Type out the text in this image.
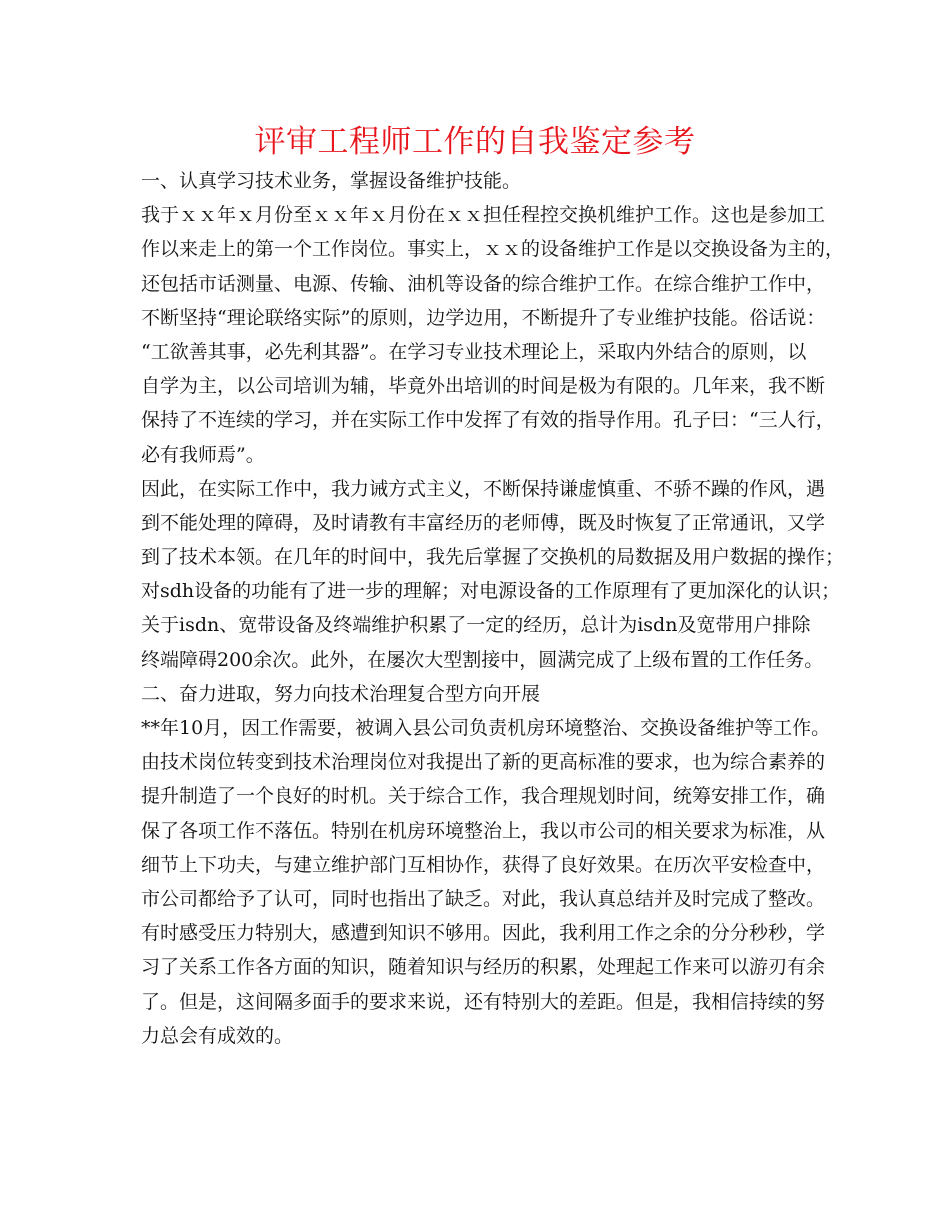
评审工程师工作的自我鉴定参考
一、认真学习技术业务，掌握设备维护技能。
我于ｘｘ年ｘ月份至ｘｘ年ｘ月份在ｘｘ担任程控交换机维护工作。这也是参加工
作以来走上的第一个工作岗位。事实上，ｘｘ的设备维护工作是以交换设备为主的，
还包括市话测量、电源、传输、油机等设备的综合维护工作。在综合维护工作中，
不断坚持“理论联络实际”的原则，边学边用，不断提升了专业维护技能。俗话说：
“工欲善其事，必先利其器”。在学习专业技术理论上，采取内外结合的原则，以
自学为主，以公司培训为辅，毕竟外出培训的时间是极为有限的。几年来，我不断
保持了不连续的学习，并在实际工作中发挥了有效的指导作用。孔子曰：“三人行，
必有我师焉”。
因此，在实际工作中，我力诫方式主义，不断保持谦虚慎重、不骄不躁的作风，遇
到不能处理的障碍，及时请教有丰富经历的老师傅，既及时恢复了正常通讯，又学
到了技术本领。在几年的时间中，我先后掌握了交换机的局数据及用户数据的操作；
对sdh设备的功能有了进一步的理解；对电源设备的工作原理有了更加深化的认识；
关于isdn、宽带设备及终端维护积累了一定的经历，总计为isdn及宽带用户排除
终端障碍200余次。此外，在屡次大型割接中，圆满完成了上级布置的工作任务。
二、奋力进取，努力向技术治理复合型方向开展
**年10月，因工作需要，被调入县公司负责机房环境整治、交换设备维护等工作。
由技术岗位转变到技术治理岗位对我提出了新的更高标准的要求，也为综合素养的
提升制造了一个良好的时机。关于综合工作，我合理规划时间，统筹安排工作，确
保了各项工作不落伍。特别在机房环境整治上，我以市公司的相关要求为标准，从
细节上下功夫，与建立维护部门互相协作，获得了良好效果。在历次平安检查中，
市公司都给予了认可，同时也指出了缺乏。对此，我认真总结并及时完成了整改。
有时感受压力特别大，感遭到知识不够用。因此，我利用工作之余的分分秒秒，学
习了关系工作各方面的知识，随着知识与经历的积累，处理起工作来可以游刃有余
了。但是，这间隔多面手的要求来说，还有特别大的差距。但是，我相信持续的努
力总会有成效的。
